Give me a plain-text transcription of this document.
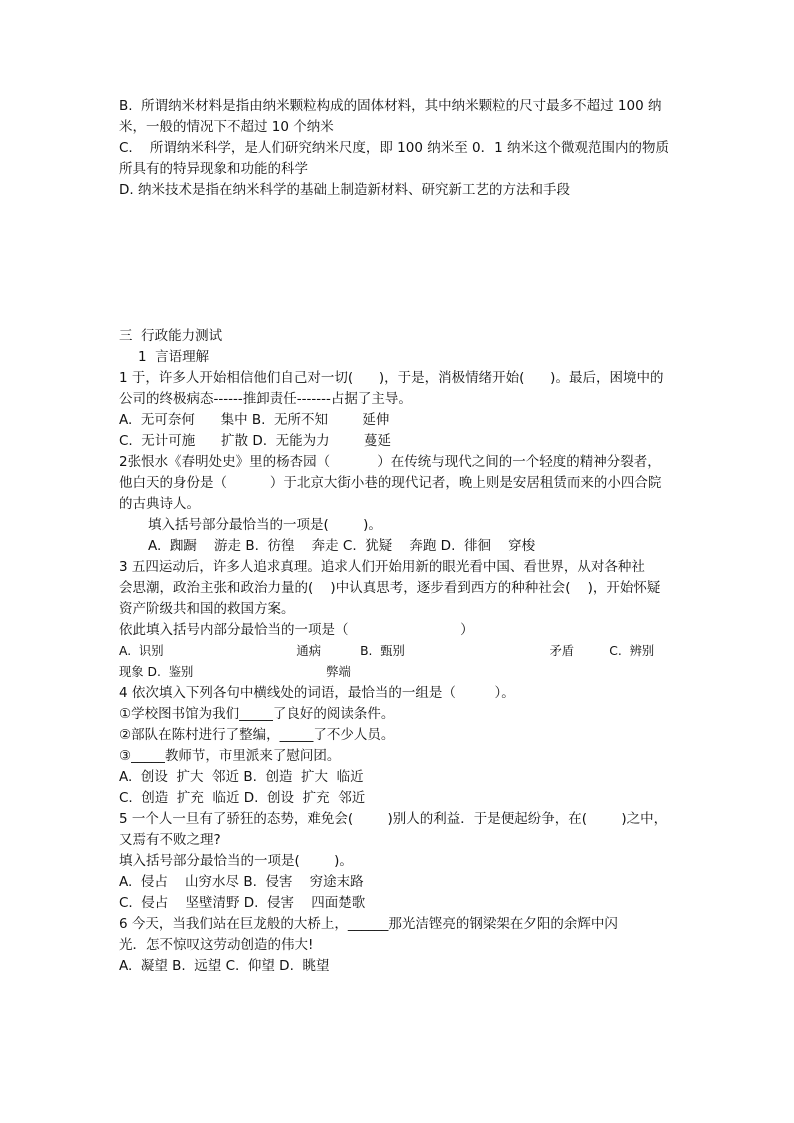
B.  所谓纳米材料是指由纳米颗粒构成的固体材料，其中纳米颗粒的尺寸最多不超过 100 纳
米，一般的情况下不超过 10 个纳米
C.    所谓纳米科学，是人们研究纳米尺度，即 100 纳米至 0．1 纳米这个微观范围内的物质
所具有的特异现象和功能的科学
D. 纳米技术是指在纳米科学的基础上制造新材料、研究新工艺的方法和手段
三  行政能力测试
1  言语理解
1 于，许多人开始相信他们自己对一切(      )，于是，消极情绪开始(      )。最后，困境中的
公司的终极病态------推卸责任-------占据了主导。
A.  无可奈何      集中 B.  无所不知        延伸
C.  无计可施      扩散 D.  无能为力        蔓延
2张恨水《春明处史》里的杨杏园（           ）在传统与现代之间的一个轻度的精神分裂者，
他白天的身份是（          ）于北京大街小巷的现代记者，晚上则是安居租赁而来的小四合院
的古典诗人。
填入括号部分最恰当的一项是(        )。
A.  踟蹰    游走 B.  彷徨    奔走 C.  犹疑    奔跑 D.  徘徊    穿梭
3 五四运动后，许多人追求真理。追求人们开始用新的眼光看中国、看世界，从对各种社
会思潮，政治主张和政治力量的(    )中认真思考，逐步看到西方的种种社会(    )，开始怀疑
资产阶级共和国的救国方案。
依此填入括号内部分最恰当的一项是（                          ）
A.  识别                                  通病          B.  甄别                                     矛盾         C.  辨别
现象 D.  鉴别                                  弊端
4 依次填入下列各句中横线处的词语，最恰当的一组是（         ）。
①学校图书馆为我们_____了良好的阅读条件。
②部队在陈村进行了整编，_____了不少人员。
③_____教师节，市里派来了慰问团。
A.  创设  扩大  邻近 B.  创造  扩大  临近
C.  创造  扩充  临近 D.  创设  扩充  邻近
5 一个人一旦有了骄狂的态势，难免会(        )别人的利益．于是便起纷争，在(        )之中，
又焉有不败之理?
填入括号部分最恰当的一项是(        )。
A.  侵占    山穷水尽 B.  侵害    穷途末路
C.  侵占    坚壁清野 D.  侵害    四面楚歌
6 今天，当我们站在巨龙般的大桥上，______那光洁铿亮的钢梁架在夕阳的余辉中闪
光．怎不惊叹这劳动创造的伟大!
A.  凝望 B.  远望 C.  仰望 D.  眺望
